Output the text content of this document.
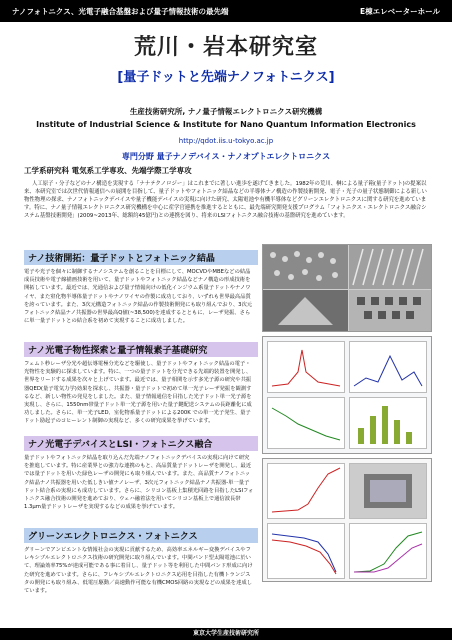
ナノフォトニクス、光電子融合基盤および量子情報技術の最先端	E棟エレベーターホール
荒川・岩本研究室
[量子ドットと先端ナノフォトニクス]
生産技術研究所, ナノ量子情報エレクトロニクス研究機構
Institute of Industrial Science & Institute for Nano Quantum Information Electronics
http://qdot.iis.u-tokyo.ac.jp
専門分野 量子ナノデバイス・ナノオプトエレクトロニクス
工学系研究科 電気系工学専攻、先端学際工学専攻

人工原子・分子などのナノ構造を実現する「ナナテクノロジー」はこれまでに著しい進歩を遂げてきました。1982年の荒川、榊による量子箱(量子ドット)の提案以来、本研究室では次世代情報通信への展開を目指して、量子ドットやフォトニック結晶などの半導体ナノ構造の作製技術開発、電子・光子の量子状態制御による新しい物性物理の探求、ナノフォトニックデバイスや量子機能デバイスの実現に向けた研究、太陽電池や有機半導体などグリーンエレクトロニクスに関する研究を進めています。特に、ナノ量子情報エレクトロニクス研究機構を中心に産学官連携を推進するとともに、最先端研究開発支援プログラム「フォトニクス・エレクトロニクス融合システム基盤技術開発」(2009~2013年、総額約45億円)との連携を図り、将来のLSIフォトニクス融合技術の基盤研究を進めています。

ナノ技術開拓：量子ドットとフォトニック結晶

電子や光子を個々に制御するナノシステムを創ることを目標にして、MOCVDやMBEなどの結晶成長技術や電子線描画技術を用いて、量子ドットやフォトニック結晶などナノ構造の形成技術を開拓しています。最近では、光通信および量子情報向けの低化インジウム系量子ドットやナノワイヤ、また窒化物半導体量子ドットやナノワイヤの作製に成功しており、いずれも世界最高品質を誇っています。また、3次元構造フォトニック結晶の作製技術開発にも取り組んでおり、3次元フォトニック結晶ナノ共振器の世界最高Q値(~38,500)を達成するとともに、レーザ発振、さらに単一量子ドットとの結合系を初めて実現することに成功しました。

ナノ光電子物性探索と量子情報素子基礎研究

フェムト秒レーザ分光や超伝導電極分光などを駆使し、量子ドットやフォトニック結晶の電子・光物性を実験的に探求しています。特に、一つの量子ドットを分光できる先端的装置を開発し、世界をリードする成果を次々と上げています。最近では、量子相関を示す多光子源の研究や共振器QED(量子電気力学)効果を探求し、共振器・量子ドットで初めて単一光子レーザ発振を観測するなど、新しい物性の発見をしました。また、量子情報通信を目指した光子ドット単一光子源を実現し、さらに、1550nm帯量子ドット単一光子源を用いた量子鍵配送システムの長距離化に成功しました。さらに、単一光子LED、室化物系量子ドットによる200K での単一光子発生、量子ドット励起子のコヒーレント制御の実現など、多くの研究成果を挙げています。

ナノ光電子デバイスとLSI・フォトニクス融合

量子ドットやフォトニック結晶を取り込んだ先端ナノフォトニックデバイスの実現に向けて研究を推進しています。特に産業界との強力な連携のもと、高品質量子ドットレーザを開発し、最近では量子ドットを用いた緑色レーザの開発にも取り組んでいます。また、高品質ナノフォトニック結晶ナノ共振器を用いた低しきい値ナノレーザ、3次元フォトニック結晶ナノ共振器-単一量子ドット結合系の実現にも成功しています。さらに、シリコン基板上集積光回路を目指したLSIフォトニクス融合技術の開発を進めており、ウェハ融着法を用いてシリコン基板上で通信波長帯1.3μm量子ドットレーザを実現するなどの成果を挙げています。

グリーンエレクトロニクス・フォトニクス

グリーンでアンビエントな情報社会の実現に貢献するため、高効率エネルギー変換デバイスやフレキシブルエレクトロニクス技術の研究開発に取り組んでいます。中間バンド型太陽電池に於いて、理論効率75%が達成可能である事に着目し、量子ドット等を利用した中間バンド形成に向けた研究を進めています。さらに、フレキシブルエレクトロニクス応用を目指した有機トランジスタの開発にも取り組み、低電圧駆動／高速動作可能な有機CMOS回路の実現などの成果を達成しています。

東京大学生産技術研究所
